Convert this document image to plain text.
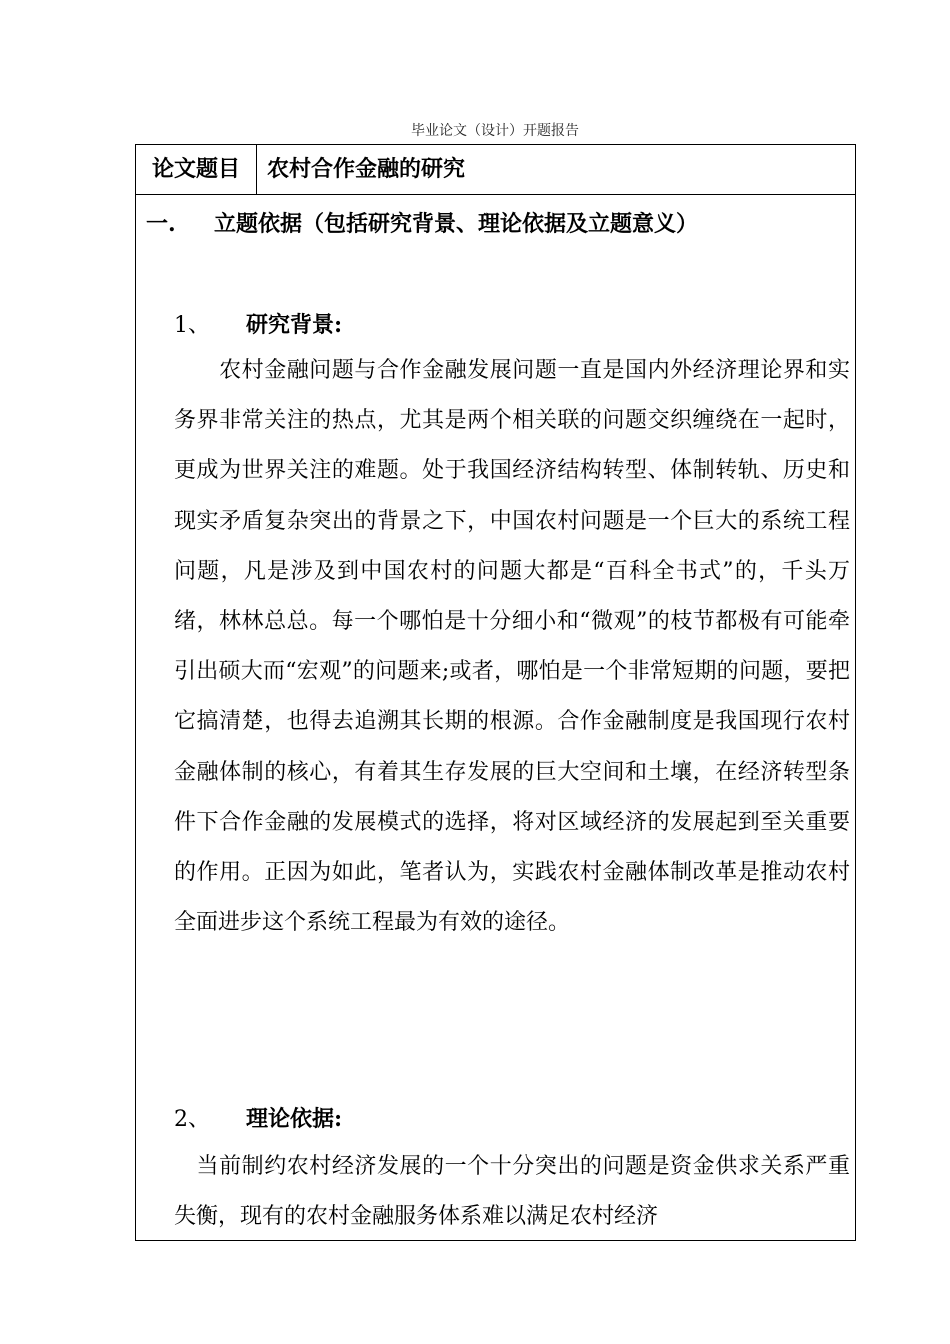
毕业论文（设计）开题报告
论文题目	农村合作金融的研究
一. 立题依据（包括研究背景、理论依据及立题意义）
1、 研究背景:

　　农村金融问题与合作金融发展问题一直是国内外经济理论界和实务界非常关注的热点，尤其是两个相关联的问题交织缠绕在一起时，更成为世界关注的难题。处于我国经济结构转型、体制转轨、历史和现实矛盾复杂突出的背景之下，中国农村问题是一个巨大的系统工程问题，凡是涉及到中国农村的问题大都是“百科全书式”的，千头万绪，林林总总。每一个哪怕是十分细小和“微观”的枝节都极有可能牵引出硕大而“宏观”的问题来;或者，哪怕是一个非常短期的问题，要把它搞清楚，也得去追溯其长期的根源。合作金融制度是我国现行农村金融体制的核心，有着其生存发展的巨大空间和土壤，在经济转型条件下合作金融的发展模式的选择，将对区域经济的发展起到至关重要的作用。正因为如此，笔者认为，实践农村金融体制改革是推动农村全面进步这个系统工程最为有效的途径。

2、 理论依据:

　当前制约农村经济发展的一个十分突出的问题是资金供求关系严重失衡，现有的农村金融服务体系难以满足农村经济
